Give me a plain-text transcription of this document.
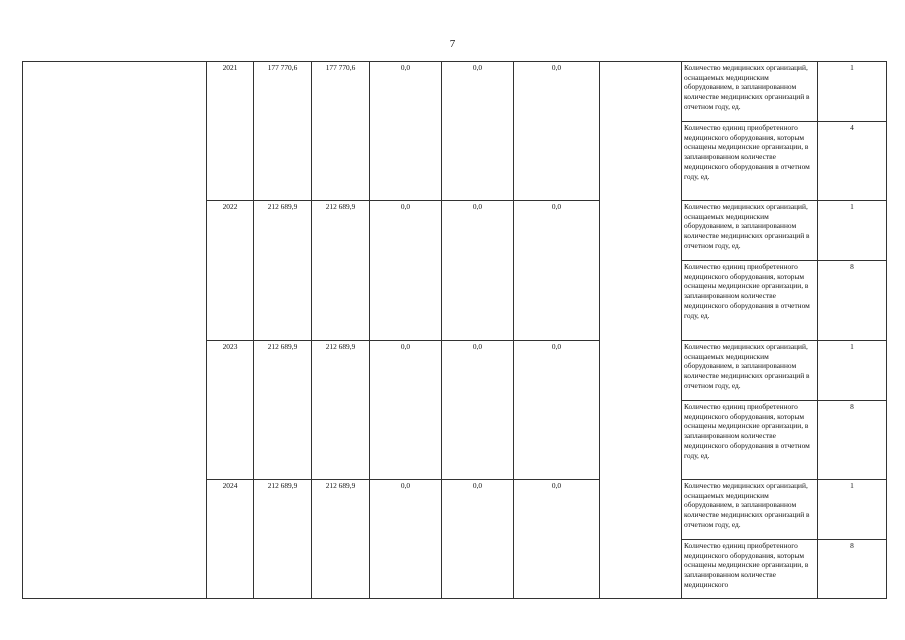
7
	2021	177 770,6	177 770,6	0,0	0,0	0,0		Количество медицинских организаций, оснащаемых медицинским оборудованием, в запланированном количестве медицинских организаций в отчетном году, ед.	1
								Количество единиц приобретенного медицинского оборудования, которым оснащены медицинские организации, в запланированном количестве медицинского оборудования в отчетном году, ед.	4
	2022	212 689,9	212 689,9	0,0	0,0	0,0		Количество медицинских организаций, оснащаемых медицинским оборудованием, в запланированном количестве медицинских организаций в отчетном году, ед.	1
								Количество единиц приобретенного медицинского оборудования, которым оснащены медицинские организации, в запланированном количестве медицинского оборудования в отчетном году, ед.	8
	2023	212 689,9	212 689,9	0,0	0,0	0,0		Количество медицинских организаций, оснащаемых медицинским оборудованием, в запланированном количестве медицинских организаций в отчетном году, ед.	1
								Количество единиц приобретенного медицинского оборудования, которым оснащены медицинские организации, в запланированном количестве медицинского оборудования в отчетном году, ед.	8
	2024	212 689,9	212 689,9	0,0	0,0	0,0		Количество медицинских организаций, оснащаемых медицинским оборудованием, в запланированном количестве медицинских организаций в отчетном году, ед.	1
								Количество единиц приобретенного медицинского оборудования, которым оснащены медицинские организации, в запланированном количестве медицинского	8
